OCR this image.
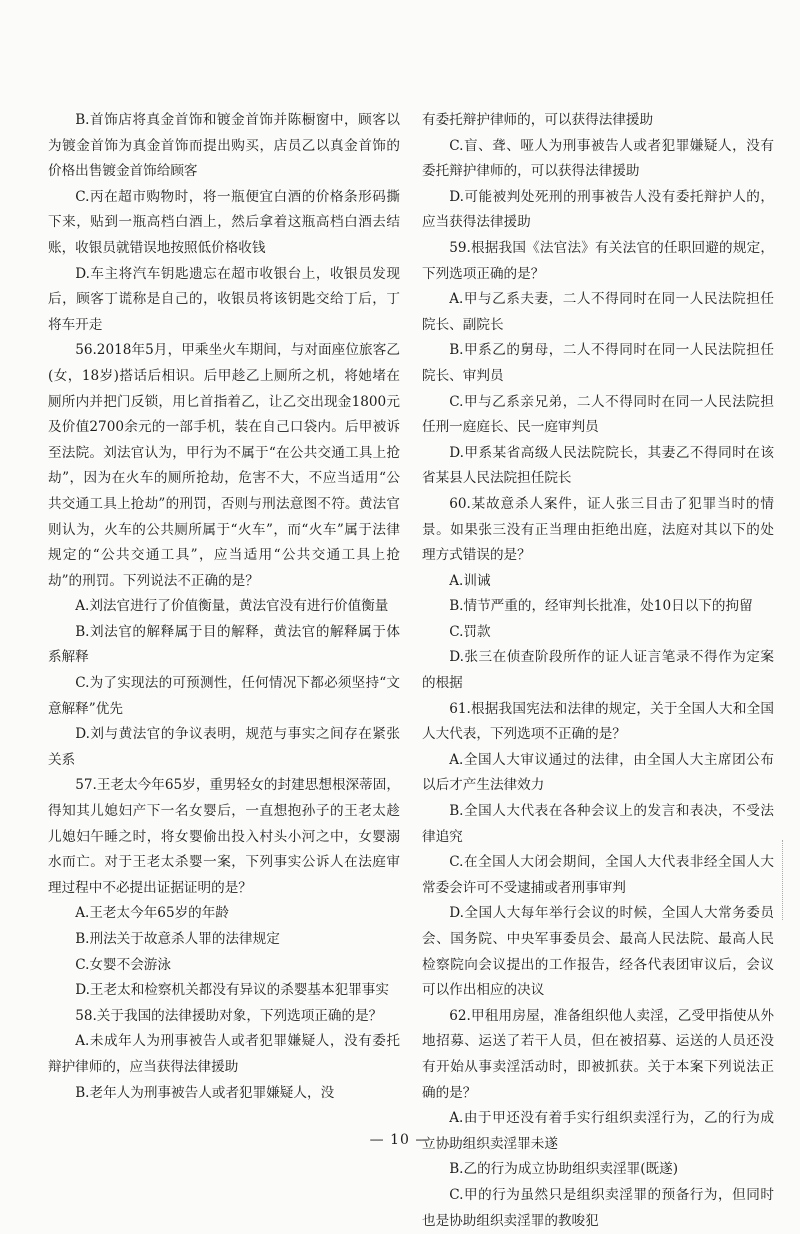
B.首饰店将真金首饰和镀金首饰并陈橱窗中，顾客以为镀金首饰为真金首饰而提出购买，店员乙以真金首饰的价格出售镀金首饰给顾客

C.丙在超市购物时，将一瓶便宜白酒的价格条形码撕下来，贴到一瓶高档白酒上，然后拿着这瓶高档白酒去结账，收银员就错误地按照低价格收钱

D.车主将汽车钥匙遗忘在超市收银台上，收银员发现后，顾客丁谎称是自己的，收银员将该钥匙交给丁后，丁将车开走

56.2018年5月，甲乘坐火车期间，与对面座位旅客乙(女，18岁)搭话后相识。后甲趁乙上厕所之机，将她堵在厕所内并把门反锁，用匕首指着乙，让乙交出现金1800元及价值2700余元的一部手机，装在自己口袋内。后甲被诉至法院。刘法官认为，甲行为不属于“在公共交通工具上抢劫”，因为在火车的厕所抢劫，危害不大，不应当适用“公共交通工具上抢劫”的刑罚，否则与刑法意图不符。黄法官则认为，火车的公共厕所属于“火车”，而“火车”属于法律规定的“公共交通工具”，应当适用“公共交通工具上抢劫”的刑罚。下列说法不正确的是？

A.刘法官进行了价值衡量，黄法官没有进行价值衡量

B.刘法官的解释属于目的解释，黄法官的解释属于体系解释

C.为了实现法的可预测性，任何情况下都必须坚持“文意解释”优先

D.刘与黄法官的争议表明，规范与事实之间存在紧张关系

57.王老太今年65岁，重男轻女的封建思想根深蒂固，得知其儿媳妇产下一名女婴后，一直想抱孙子的王老太趁儿媳妇午睡之时，将女婴偷出投入村头小河之中，女婴溺水而亡。对于王老太杀婴一案，下列事实公诉人在法庭审理过程中不必提出证据证明的是？

A.王老太今年65岁的年龄

B.刑法关于故意杀人罪的法律规定

C.女婴不会游泳

D.王老太和检察机关都没有异议的杀婴基本犯罪事实

58.关于我国的法律援助对象，下列选项正确的是？

A.未成年人为刑事被告人或者犯罪嫌疑人，没有委托辩护律师的，应当获得法律援助

B.老年人为刑事被告人或者犯罪嫌疑人，没

有委托辩护律师的，可以获得法律援助

C.盲、聋、哑人为刑事被告人或者犯罪嫌疑人，没有委托辩护律师的，可以获得法律援助

D.可能被判处死刑的刑事被告人没有委托辩护人的，应当获得法律援助

59.根据我国《法官法》有关法官的任职回避的规定，下列选项正确的是？

A.甲与乙系夫妻，二人不得同时在同一人民法院担任院长、副院长

B.甲系乙的舅母，二人不得同时在同一人民法院担任院长、审判员

C.甲与乙系亲兄弟，二人不得同时在同一人民法院担任刑一庭庭长、民一庭审判员

D.甲系某省高级人民法院院长，其妻乙不得同时在该省某县人民法院担任院长

60.某故意杀人案件，证人张三目击了犯罪当时的情景。如果张三没有正当理由拒绝出庭，法庭对其以下的处理方式错误的是？

A.训诫

B.情节严重的，经审判长批准，处10日以下的拘留

C.罚款

D.张三在侦查阶段所作的证人证言笔录不得作为定案的根据

61.根据我国宪法和法律的规定，关于全国人大和全国人大代表，下列选项不正确的是？

A.全国人大审议通过的法律，由全国人大主席团公布以后才产生法律效力

B.全国人大代表在各种会议上的发言和表决，不受法律追究

C.在全国人大闭会期间，全国人大代表非经全国人大常委会许可不受逮捕或者刑事审判

D.全国人大每年举行会议的时候，全国人大常务委员会、国务院、中央军事委员会、最高人民法院、最高人民检察院向会议提出的工作报告，经各代表团审议后，会议可以作出相应的决议

62.甲租用房屋，准备组织他人卖淫，乙受甲指使从外地招募、运送了若干人员，但在被招募、运送的人员还没有开始从事卖淫活动时，即被抓获。关于本案下列说法正确的是？

A.由于甲还没有着手实行组织卖淫行为，乙的行为成立协助组织卖淫罪未遂

B.乙的行为成立协助组织卖淫罪(既遂)

C.甲的行为虽然只是组织卖淫罪的预备行为，但同时也是协助组织卖淫罪的教唆犯

— 10 —
